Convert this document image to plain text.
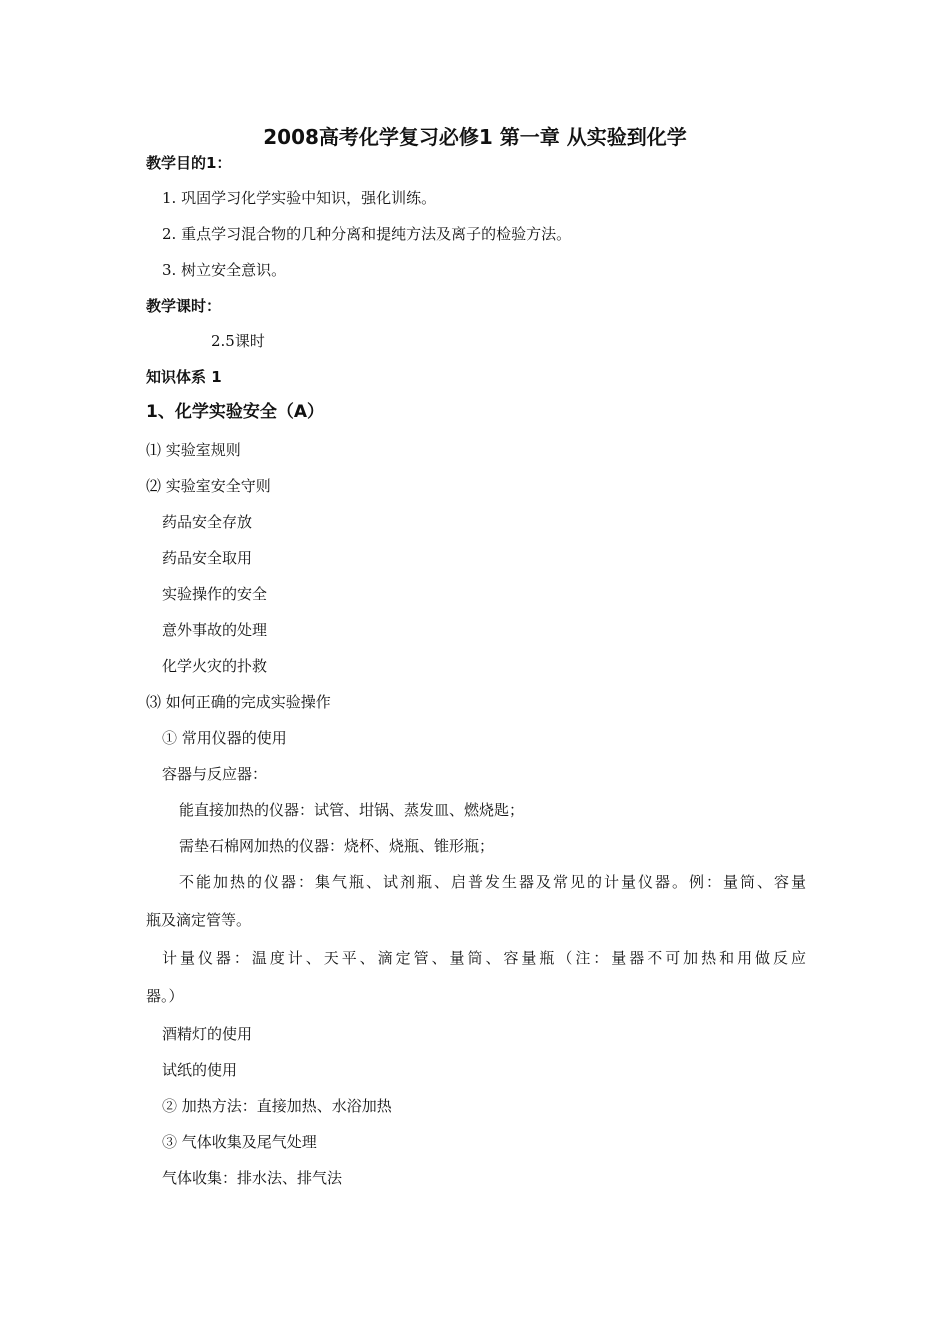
2008高考化学复习必修1 第一章 从实验到化学
教学目的1：
1. 巩固学习化学实验中知识，强化训练。
2. 重点学习混合物的几种分离和提纯方法及离子的检验方法。
3. 树立安全意识。
教学课时：
2.5课时
知识体系 1
1、化学实验安全（A）
⑴ 实验室规则
⑵ 实验室安全守则
药品安全存放
药品安全取用
实验操作的安全
意外事故的处理
化学火灾的扑救
⑶ 如何正确的完成实验操作
① 常用仪器的使用
容器与反应器：
能直接加热的仪器：试管、坩锅、蒸发皿、燃烧匙；
需垫石棉网加热的仪器：烧杯、烧瓶、锥形瓶；
不能加热的仪器：集气瓶、试剂瓶、启普发生器及常见的计量仪器。例：量筒、容量
瓶及滴定管等。
计量仪器：温度计、天平、滴定管、量筒、容量瓶（注：量器不可加热和用做反应
器。）
酒精灯的使用
试纸的使用
② 加热方法：直接加热、水浴加热
③ 气体收集及尾气处理
气体收集：排水法、排气法
